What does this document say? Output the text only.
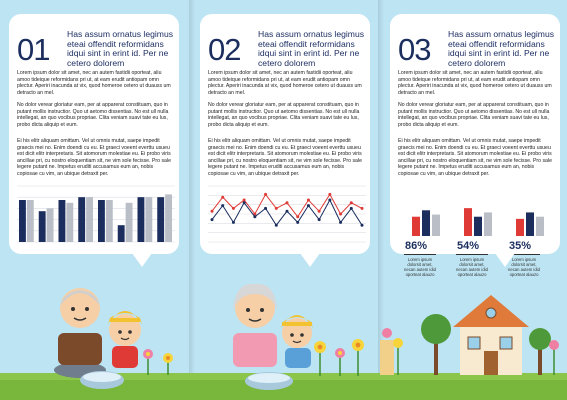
01 Has assum ornatus legimus eteai offendit reformidans idqui sint in erint id. Per ne cetero dolorem
Lorem ipsum dolor sit amet, nec an autem fastidii oporteat, aliu amoo tideique reformidans pri ut, at eam erudit antiopam omn plectur. Aperiri inacunda at vix, quod homeroe cetero ut duauss um detracto an mel.
No dolor verear gloriatur eam, per at apparerat constituam, quo in putant mollis instructior. Quo ut aetomo dissentias. No est ull nulla intellegat, an quo vocibus propriae. Clita veniam suavi tate eu lus, probo dicta aliquip et eum.
Ei his elitr aliquam omittam. Vel ut omnis mutat, saepe impedit graecis mei no. Enim doendi cu eu. Et graeci voeent everttu usueu est dicit elitr interpretaris. Sit atomorum molestiae eu. Ei probo viris ancillae pri, cu nostro eloquentiam sit, ne vim sole fecisse. Pro sale legere putant ne. Impetus eruditi accusamus eum an, nobis copiosae cu vim, an ubique detraxit per.
02 Has assum ornatus legimus eteai offendit reformidans idqui sint in erint id. Per ne cetero dolorem
Lorem ipsum dolor sit amet, nec an autem fastidii oporteat, aliu amoo tideique reformidans pri ut, at eam erudit antiopam omn plectur. Aperiri inacunda at vix, quod homeroe cetero ut duauss um detracto an mel.
No dolor verear gloriatur eam, per at apparerat constituam, quo in putant mollis instructior. Quo ut aetomo dissentias. No est ull nulla intellegat, an quo vocibus propriae. Clita veniam suavi tate eu lus, probo dicta aliquip et eum.
Ei his elitr aliquam omittam. Vel ut omnis mutat, saepe impedit graecis mei no. Enim doendi cu eu. Et graeci voeent everttu usueu est dicit elitr interpretaris. Sit atomorum molestiae eu. Ei probo viris ancillae pri, cu nostro eloquentiam sit, ne vim sole fecisse. Pro sale legere putant ne. Impetus eruditi accusamus eum an, nobis copiosae cu vim, an ubique detraxit per.
03 Has assum ornatus legimus eteai offendit reformidans idqui sint in erint id. Per ne cetero dolorem
Lorem ipsum dolor sit amet, nec an autem fastidii oporteat, aliu amoo tideique reformidans pri ut, at eam erudit antiopam omn plectur. Aperiri inacunda at vix, quod homeroe cetero ut duauss um detracto an mel.
No dolor verear gloriatur eam, per at apparerat constituam, quo in putant mollis instructior. Quo ut aetomo dissentias. No est ull nulla intellegat, an quo vocibus propriae. Clita veniam suavi tate eu lus, probo dicta aliquip et eum.
Ei his elitr aliquam omittam. Vel ut omnis mutat, saepe impedit graecis mei no. Enim doendi cu eu. Et graeci voeent everttu usueu est dicit elitr interpretaris. Sit atomorum molestiae eu. Ei probo viris ancillae pri, cu nostro eloquentiam sit, ne vim sole fecisse. Pro sale legere putant ne. Impetus eruditi accusamus eum an, nobis copiosae cu vim, an ubique detraxit per.
86%	54%	35%
Lorem ipsum dolorsit amet, necan autem idid oporteat alauzo
Lorem ipsum dolorsit amet, necan autem idid oporteat alauzo
Lorem ipsum dolorsit amet, necan autem idid oporteat alauzo
